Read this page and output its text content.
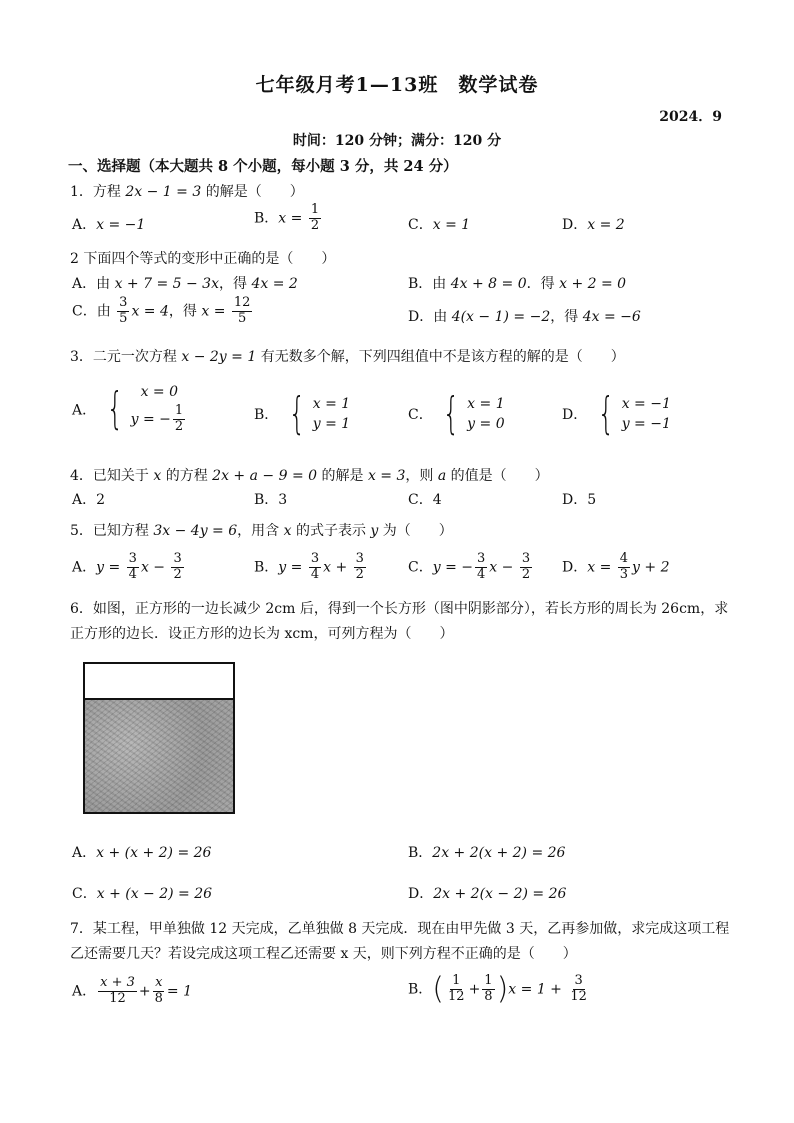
七年级月考1—13班　数学试卷
2024．9
时间：120 分钟；满分：120 分
一、选择题（本大题共 8 个小题，每小题 3 分，共 24 分）
1．方程 2x − 1 = 3 的解是（　　）
A．x = −1	B．$x = \frac{1}{2}$	C．x = 1	D．x = 2
2 下面四个等式的变形中正确的是（　　）
A．由 x + 7 = 5 − 3x，得 4x = 2	B．由 4x + 8 = 0．得 x + 2 = 0
C．由 $\frac{3}{5}$ x = 4，得 $x = \frac{12}{5}$	D．由 4(x − 1) = −2，得 4x = −6
3．二元一次方程 x − 2y = 1 有无数多个解，下列四组值中不是该方程的解的是（　　）
A． {	x = 0
y = − $\frac{1}{2}$	B． { x = 1
y = 1
C． { x = 1
y = 0
D． { x = −1
y = −1
4．已知关于 x 的方程 2x + a − 9 = 0 的解是 x = 3，则 a 的值是（　　）
A．2	B．3	C．4	D．5
5．已知方程 3x − 4y = 6，用含 x 的式子表示 y 为（　　）
A．$y = \frac{3}{4}$ $x - \frac{3}{2}$	B．$y = \frac{3}{4}$ $x + \frac{3}{2}$	C．y = − $\frac{3}{4}$ $x - \frac{3}{2}$ D．$x = \frac{4}{3}$ y + 2
6．如图，正方形的一边长减少 2cm 后，得到一个长方形（图中阴影部分），若长方形的周长为 26cm，求
正方形的边长．设正方形的边长为 xcm，可列方程为（　　）
A．x + (x + 2) = 26	B．2x + 2(x + 2) = 26
C．x + (x − 2) = 26	D．2x + 2(x − 2) = 26
7．某工程，甲单独做 12 天完成，乙单独做 8 天完成．现在由甲先做 3 天，乙再参加做，求完成这项工程
乙还需要几天？若设完成这项工程乙还需要 x 天，则下列方程不正确的是（　　）
A． $\frac{x + 3}{12} + \frac{x}{8} = 1$	B．( $\frac{1}{12} + \frac{1}{8} )x = 1 + \frac{3}{12}$
